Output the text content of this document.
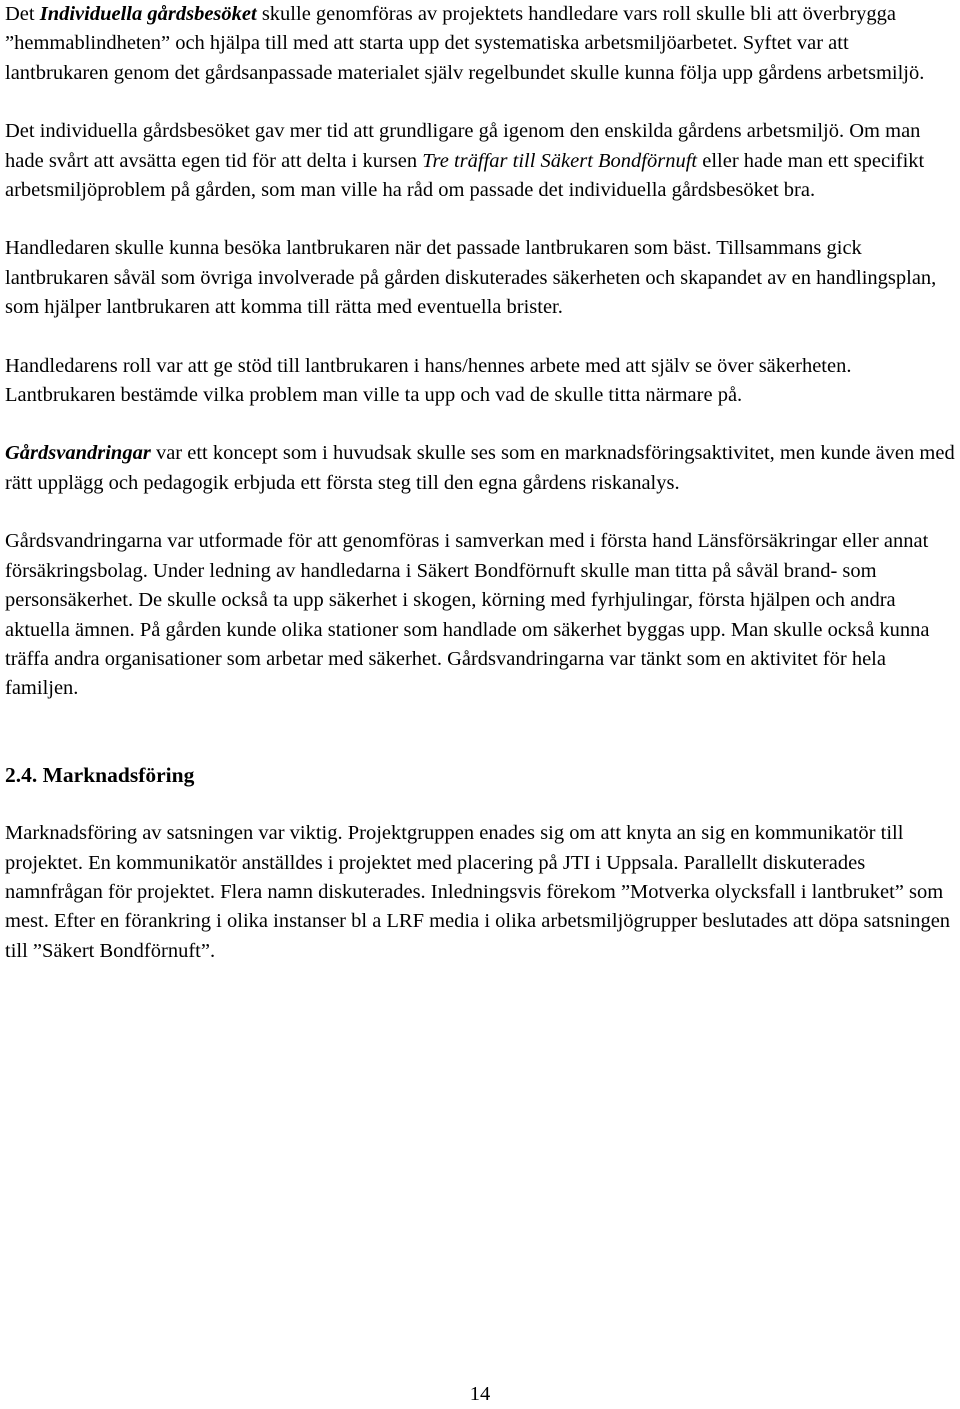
Det Individuella gårdsbesöket skulle genomföras av projektets handledare vars roll skulle bli att överbrygga ”hemmablindheten” och hjälpa till med att starta upp det systematiska arbetsmiljöarbetet. Syftet var att lantbrukaren genom det gårdsanpassade materialet själv regelbundet skulle kunna följa upp gårdens arbetsmiljö.

Det individuella gårdsbesöket gav mer tid att grundligare gå igenom den enskilda gårdens arbetsmiljö. Om man hade svårt att avsätta egen tid för att delta i kursen Tre träffar till Säkert Bondförnuft eller hade man ett specifikt arbetsmiljöproblem på gården, som man ville ha råd om passade det individuella gårdsbesöket bra.

Handledaren skulle kunna besöka lantbrukaren när det passade lantbrukaren som bäst. Tillsammans gick lantbrukaren såväl som övriga involverade på gården diskuterades säkerheten och skapandet av en handlingsplan, som hjälper lantbrukaren att komma till rätta med eventuella brister.

Handledarens roll var att ge stöd till lantbrukaren i hans/hennes arbete med att själv se över säkerheten. Lantbrukaren bestämde vilka problem man ville ta upp och vad de skulle titta närmare på.

Gårdsvandringar var ett koncept som i huvudsak skulle ses som en marknadsföringsaktivitet, men kunde även med rätt upplägg och pedagogik erbjuda ett första steg till den egna gårdens riskanalys.

Gårdsvandringarna var utformade för att genomföras i samverkan med i första hand Länsförsäkringar eller annat försäkringsbolag. Under ledning av handledarna i Säkert Bondförnuft skulle man titta på såväl brand- som personsäkerhet. De skulle också ta upp säkerhet i skogen, körning med fyrhjulingar, första hjälpen och andra aktuella ämnen. På gården kunde olika stationer som handlade om säkerhet byggas upp. Man skulle också kunna träffa andra organisationer som arbetar med säkerhet. Gårdsvandringarna var tänkt som en aktivitet för hela familjen.

2.4. Marknadsföring

Marknadsföring av satsningen var viktig. Projektgruppen enades sig om att knyta an sig en kommunikatör till projektet. En kommunikatör anställdes i projektet med placering på JTI i Uppsala. Parallellt diskuterades namnfrågan för projektet. Flera namn diskuterades. Inledningsvis förekom ”Motverka olycksfall i lantbruket” som mest. Efter en förankring i olika instanser bl a LRF media i olika arbetsmiljögrupper beslutades att döpa satsningen till ”Säkert Bondförnuft”.

14
